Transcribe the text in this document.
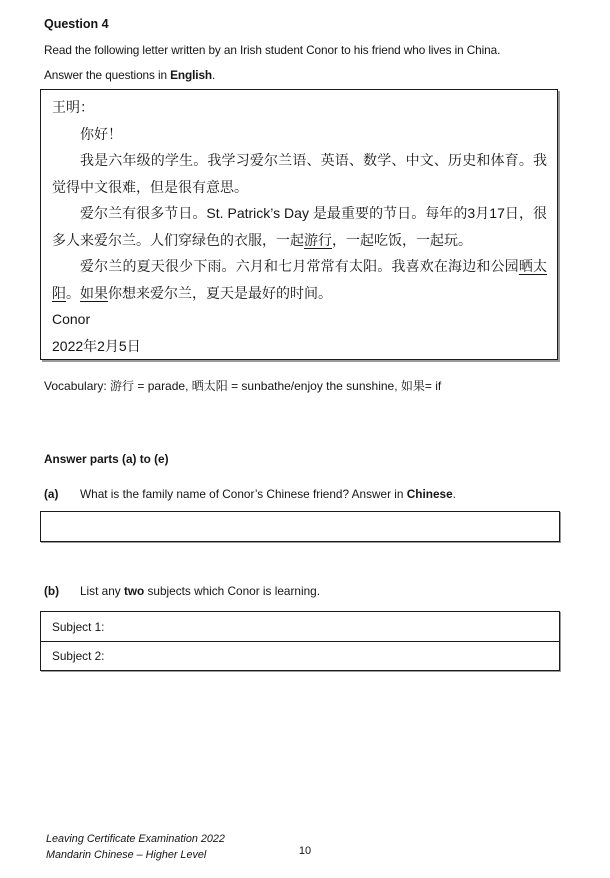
Question 4
Read the following letter written by an Irish student Conor to his friend who lives in China.
Answer the questions in English.

王明：

你好！

我是六年级的学生。我学习爱尔兰语、英语、数学、中文、历史和体育。我觉得中文很难，但是很有意思。

爱尔兰有很多节日。St. Patrick’s Day 是最重要的节日。每年的3月17日，很多人来爱尔兰。人们穿绿色的衣服，一起游行，一起吃饭，一起玩。

爱尔兰的夏天很少下雨。六月和七月常常有太阳。我喜欢在海边和公园晒太阳。如果你想来爱尔兰，夏天是最好的时间。

Conor

2022年2月5日

Vocabulary: 游行 = parade, 晒太阳 = sunbathe/enjoy the sunshine, 如果= if
Answer parts (a) to (e)
(a) What is the family name of Conor’s Chinese friend? Answer in Chinese.
(b) List any two subjects which Conor is learning.
Subject 1:
Subject 2:
Leaving Certificate Examination 2022
Mandarin Chinese – Higher Level	10
